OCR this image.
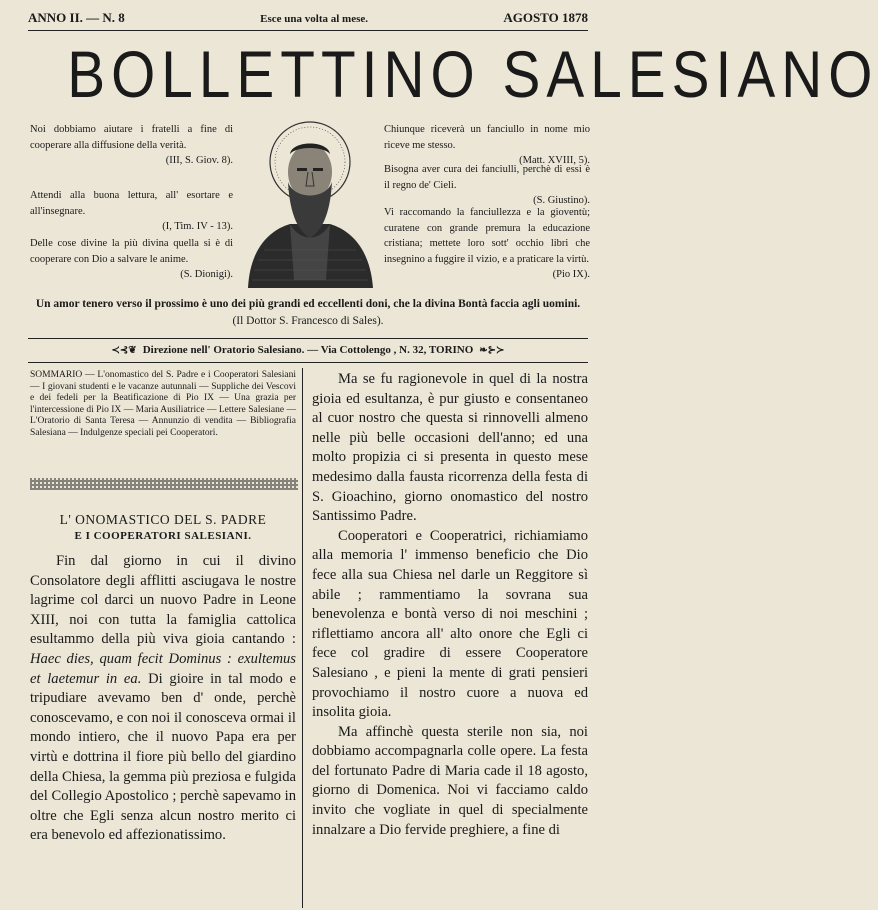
ANNO II. — N. 8	Esce una volta al mese.	AGOSTO 1878
BOLLETTINO SALESIANO
Noi dobbiamo aiutare i fratelli a fine di cooperare alla diffusione della verità.
(III, S. Giov. 8).
Attendi alla buona lettura, all' esortare e all'insegnare.
(I, Tim. IV - 13).
Delle cose divine la più divina quella si è di cooperare con Dio a salvare le anime.
(S. Dionigi).
Chiunque riceverà un fanciullo in nome mio riceve me stesso.
(Matt. XVIII, 5).
Bisogna aver cura dei fanciulli, perchè di essi è il regno de' Cieli.
(S. Giustino).
Vi raccomando la fanciullezza e la gioventù; curatene con grande premura la educazione cristiana; mettete loro sott' occhio libri che insegnino a fuggire il vizio, e a praticare la virtù.
(Pio IX).
Un amor tenero verso il prossimo è uno dei più grandi ed eccellenti doni, che la divina Bontà faccia agli uomini.
(Il Dottor S. Francesco di Sales).
≺⊰❦ Direzione nell' Oratorio Salesiano. — Via Cottolengo , N. 32, TORINO ❧⊱≻
SOMMARIO — L'onomastico del S. Padre e i Cooperatori Salesiani — I giovani studenti e le vacanze autunnali — Suppliche dei Vescovi e dei fedeli per la Beatificazione di Pio IX — Una grazia per l'intercessione di Pio IX — Maria Ausiliatrice — Lettere Salesiane — L'Oratorio di Santa Teresa — Annunzio di vendita — Bibliografia Salesiana — Indulgenze speciali pei Cooperatori.
L' ONOMASTICO DEL S. PADRE
E I COOPERATORI SALESIANI.

Fin dal giorno in cui il divino Consolatore degli afflitti asciugava le nostre lagrime col darci un nuovo Padre in Leone XIII, noi con tutta la famiglia cattolica esultammo della più viva gioia cantando : Haec dies, quam fecit Dominus : exultemus et laetemur in ea. Di gioire in tal modo e tripudiare avevamo ben d' onde, perchè conoscevamo, e con noi il conosceva ormai il mondo intiero, che il nuovo Papa era per virtù e dottrina il fiore più bello del giardino della Chiesa, la gemma più preziosa e fulgida del Collegio Apostolico ; perchè sapevamo in oltre che Egli senza alcun nostro merito ci era benevolo ed affezionatissimo.

Ma se fu ragionevole in quel di la nostra gioia ed esultanza, è pur giusto e consentaneo al cuor nostro che questa si rinnovelli almeno nelle più belle occasioni dell'anno; ed una molto propizia ci si presenta in questo mese medesimo dalla fausta ricorrenza della festa di S. Gioachino, giorno onomastico del nostro Santissimo Padre.

Cooperatori e Cooperatrici, richiamiamo alla memoria l' immenso beneficio che Dio fece alla sua Chiesa nel darle un Reggitore sì abile ; rammentiamo la sovrana sua benevolenza e bontà verso di noi meschini ; riflettiamo ancora all' alto onore che Egli ci fece col gradire di essere Cooperatore Salesiano , e pieni la mente di grati pensieri provochiamo il nostro cuore a nuova ed insolita gioia.

Ma affinchè questa sterile non sia, noi dobbiamo accompagnarla colle opere. La festa del fortunato Padre di Maria cade il 18 agosto, giorno di Domenica. Noi vi facciamo caldo invito che vogliate in quel di specialmente innalzare a Dio fervide preghiere, a fine di
